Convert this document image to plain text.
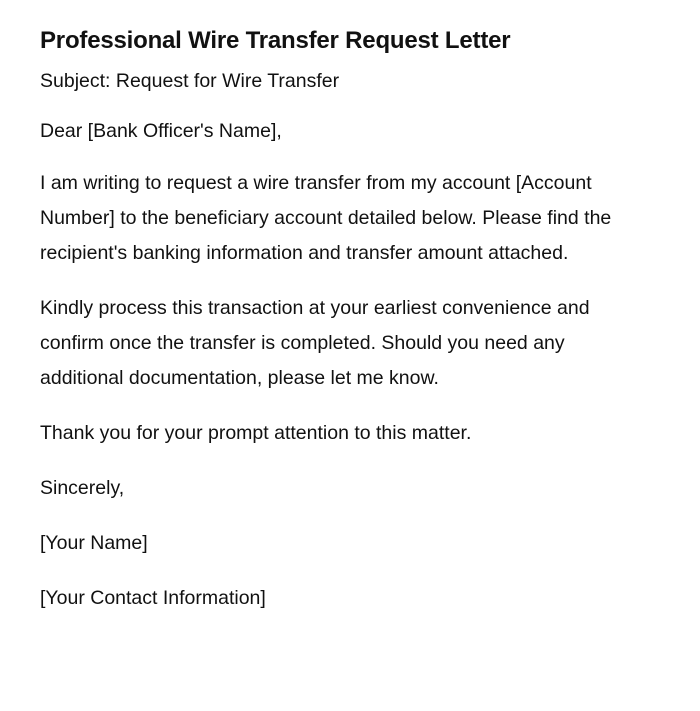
Professional Wire Transfer Request Letter

Subject: Request for Wire Transfer

Dear [Bank Officer's Name],

I am writing to request a wire transfer from my account [Account Number] to the beneficiary account detailed below. Please find the recipient's banking information and transfer amount attached.

Kindly process this transaction at your earliest convenience and confirm once the transfer is completed. Should you need any additional documentation, please let me know.

Thank you for your prompt attention to this matter.

Sincerely,

[Your Name]

[Your Contact Information]
